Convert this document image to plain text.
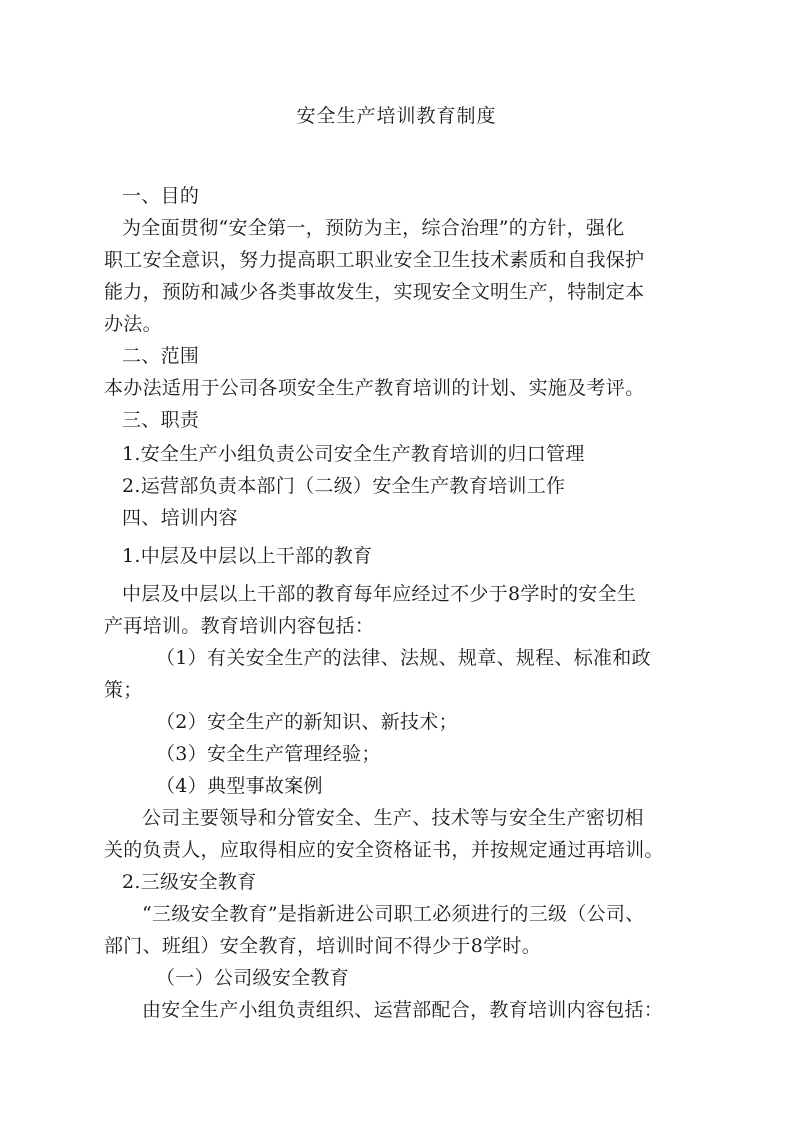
安全生产培训教育制度
一、目的
为全面贯彻“安全第一，预防为主，综合治理”的方针，强化
职工安全意识，努力提高职工职业安全卫生技术素质和自我保护
能力，预防和减少各类事故发生，实现安全文明生产，特制定本
办法。
二、范围
本办法适用于公司各项安全生产教育培训的计划、实施及考评。
三、职责
1.安全生产小组负责公司安全生产教育培训的归口管理
2.运营部负责本部门（二级）安全生产教育培训工作
四、培训内容
1.中层及中层以上干部的教育
中层及中层以上干部的教育每年应经过不少于8学时的安全生
产再培训。教育培训内容包括：
（1）有关安全生产的法律、法规、规章、规程、标准和政
策；
（2）安全生产的新知识、新技术；
（3）安全生产管理经验；
（4）典型事故案例
公司主要领导和分管安全、生产、技术等与安全生产密切相
关的负责人，应取得相应的安全资格证书，并按规定通过再培训。
2.三级安全教育
“三级安全教育”是指新进公司职工必须进行的三级（公司、
部门、班组）安全教育，培训时间不得少于8学时。
（一）公司级安全教育
由安全生产小组负责组织、运营部配合，教育培训内容包括：
